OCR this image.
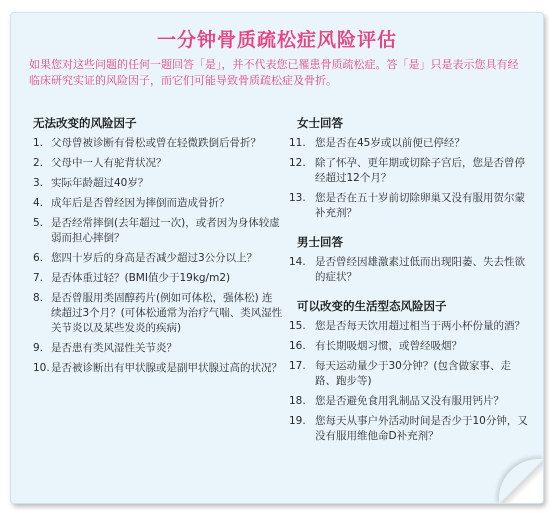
一分钟骨质疏松症风险评估
如果您对这些问题的任何一题回答「是」，并不代表您已罹患骨质疏松症。答「是」只是表示您具有经临床研究实证的风险因子，而它们可能导致骨质疏松症及骨折。
无法改变的风险因子
1. 父母曾被诊断有骨松或曾在轻微跌倒后骨折？
2. 父母中一人有驼背状况？
3. 实际年龄超过40岁？
4. 成年后是否曾经因为摔倒而造成骨折？
5. 是否经常摔倒(去年超过一次)，或者因为身体较虚弱而担心摔倒？
6. 您四十岁后的身高是否减少超过3公分以上？
7. 是否体重过轻？(BMI值少于19kg/m2)
8. 是否曾服用类固醇药片(例如可体松，强体松) 连续超过3个月？(可体松通常为治疗气喘、类风湿性关节炎以及某些发炎的疾病)
9. 是否患有类风湿性关节炎？
10. 是否被诊断出有甲状腺或是副甲状腺过高的状况？
女士回答
11. 您是否在45岁或以前便已停经？
12. 除了怀孕、更年期或切除子宫后，您是否曾停经超过12个月？
13. 您是否在五十岁前切除卵巢又没有服用贺尔蒙补充剂？
男士回答
14. 是否曾经因雄激素过低而出现阳萎、失去性欲的症状？
可以改变的生活型态风险因子
15. 您是否每天饮用超过相当于两小杯份量的酒？
16. 有长期吸烟习惯，或曾经吸烟？
17. 每天运动量少于30分钟？(包含做家事、走路、跑步等)
18. 您是否避免食用乳制品又没有服用钙片？
19. 您每天从事户外活动时间是否少于10分钟，又没有服用维他命D补充剂？
